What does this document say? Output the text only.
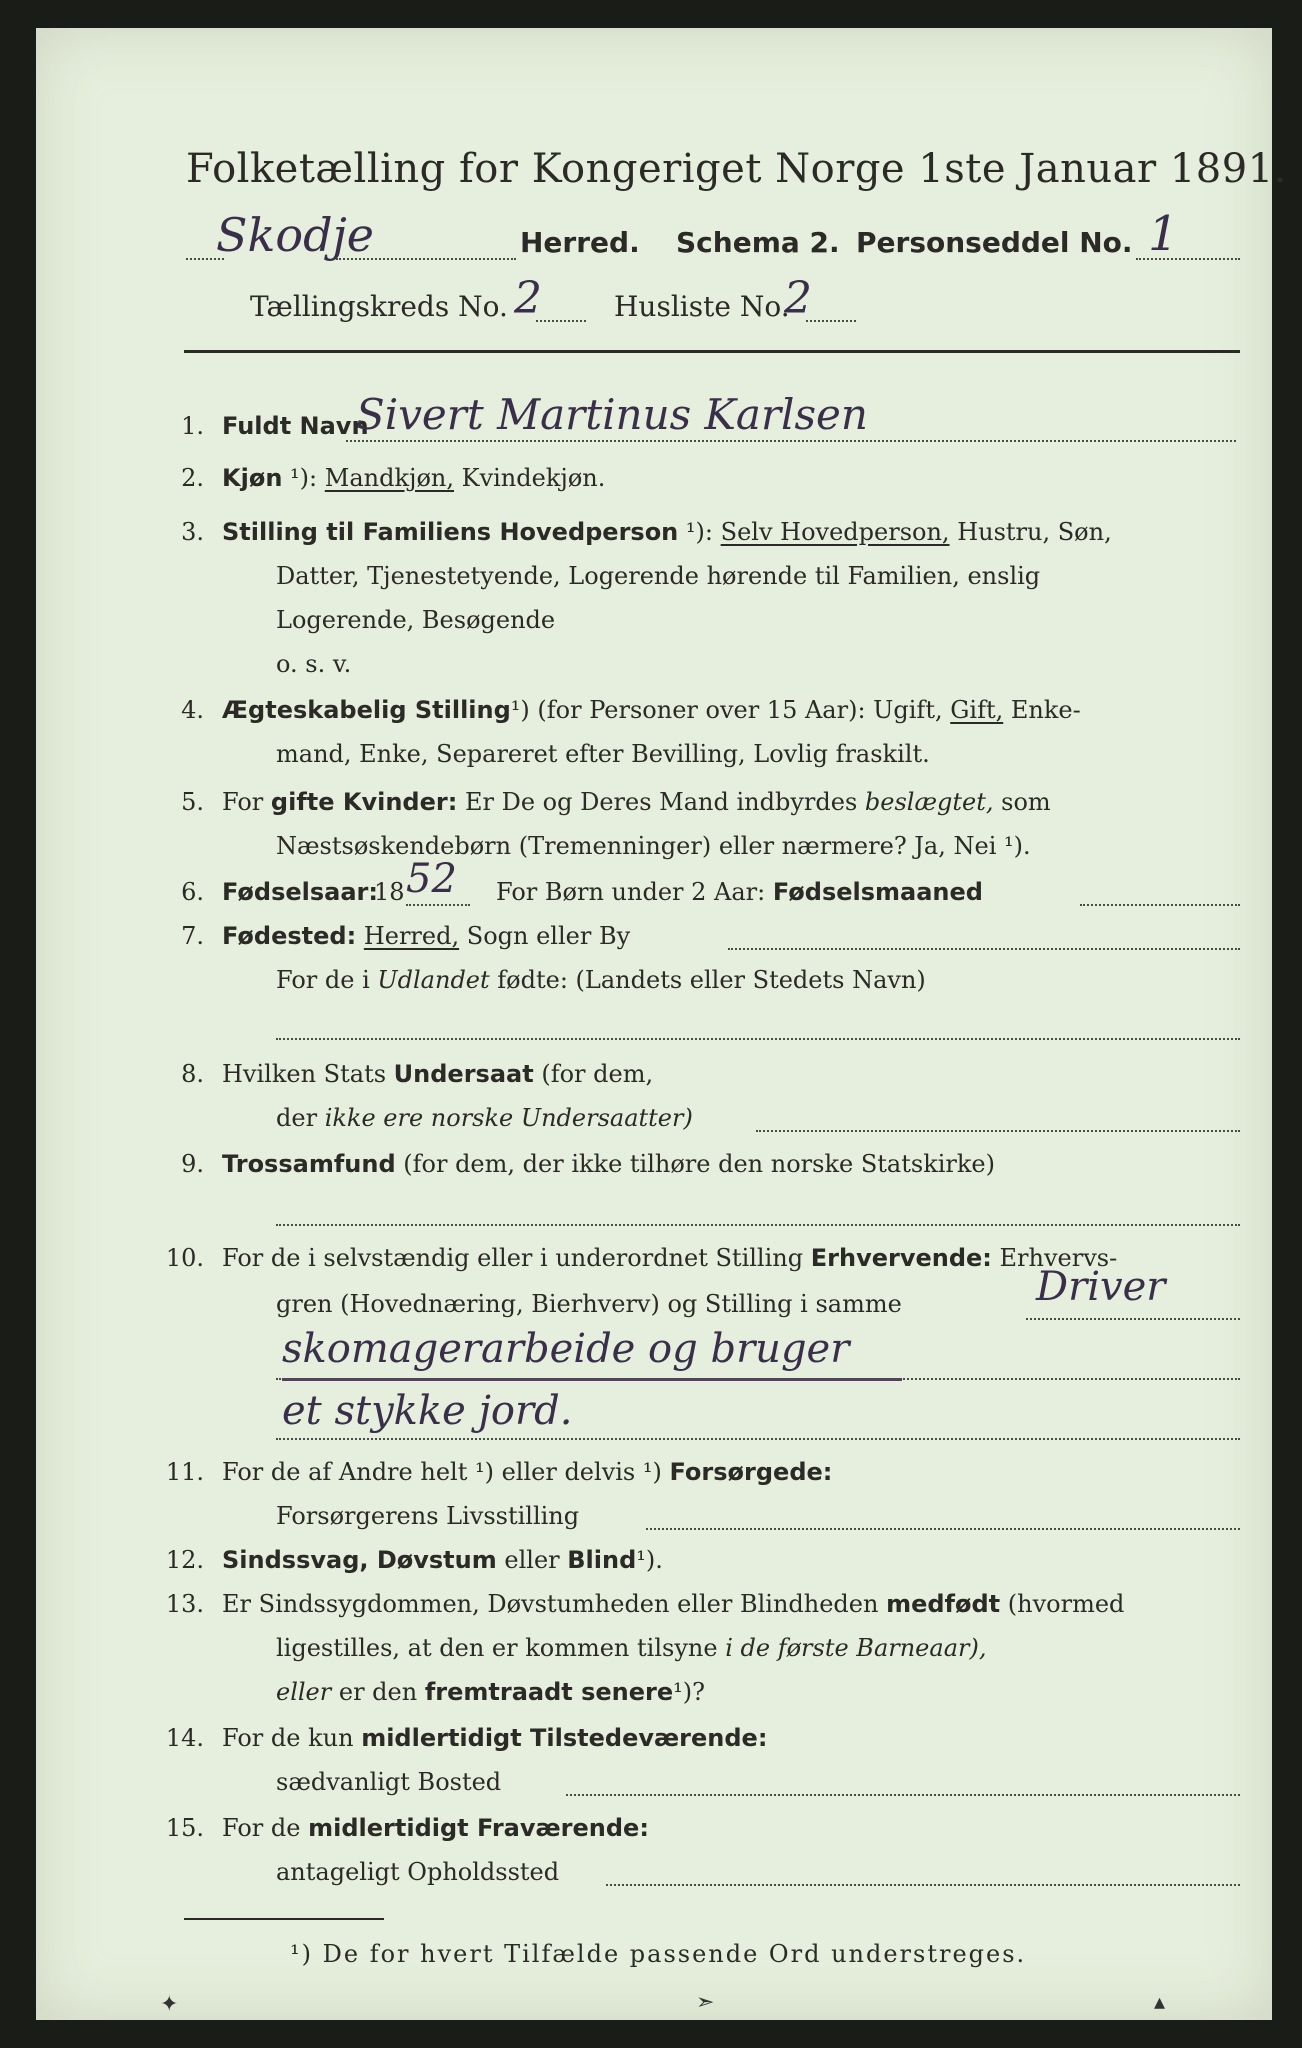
Folketælling for Kongeriget Norge 1ste Januar 1891.
Skodje	Herred. Schema 2. Personseddel No. 1
Tællingskreds No. 2	Husliste No.
2
1. Fuldt Navn
Sivert Martinus Karlsen
2. Kjøn ¹): Mandkjøn, Kvindekjøn.
3. Stilling til Familiens Hovedperson ¹): Selv Hovedperson, Hustru, Søn,
Datter, Tjenestetyende, Logerende hørende til Familien, enslig
Logerende, Besøgende
o. s. v.
4. Ægteskabelig Stilling¹) (for Personer over 15 Aar): Ugift, Gift, Enke-
mand, Enke, Separeret efter Bevilling, Lovlig fraskilt.
5. For gifte Kvinder: Er De og Deres Mand indbyrdes beslægtet, som
Næstsøskendebørn (Tremenninger) eller nærmere? Ja, Nei ¹).
6. Fødselsaar:
18 52 For Børn under 2 Aar: Fødselsmaaned
7. Fødested: Herred, Sogn eller By
For de i Udlandet fødte: (Landets eller Stedets Navn)
8. Hvilken Stats Undersaat (for dem,
der ikke ere norske Undersaatter)
9. Trossamfund (for dem, der ikke tilhøre den norske Statskirke)
10. For de i selvstændig eller i underordnet Stilling Erhvervende: Erhvervs-
gren (Hovednæring, Bierhverv) og Stilling i samme	Driver
skomagerarbeide og bruger
et stykke jord.
11. For de af Andre helt ¹) eller delvis ¹) Forsørgede:
Forsørgerens Livsstilling
12. Sindssvag, Døvstum eller Blind¹).
13. Er Sindssygdommen, Døvstumheden eller Blindheden medfødt (hvormed
ligestilles, at den er kommen tilsyne i de første Barneaar),
eller er den fremtraadt senere¹)?
14. For de kun midlertidigt Tilstedeværende:
sædvanligt Bosted
15. For de midlertidigt Fraværende:
antageligt Opholdssted
¹) De for hvert Tilfælde passende Ord understreges.
✦	➣	▴
